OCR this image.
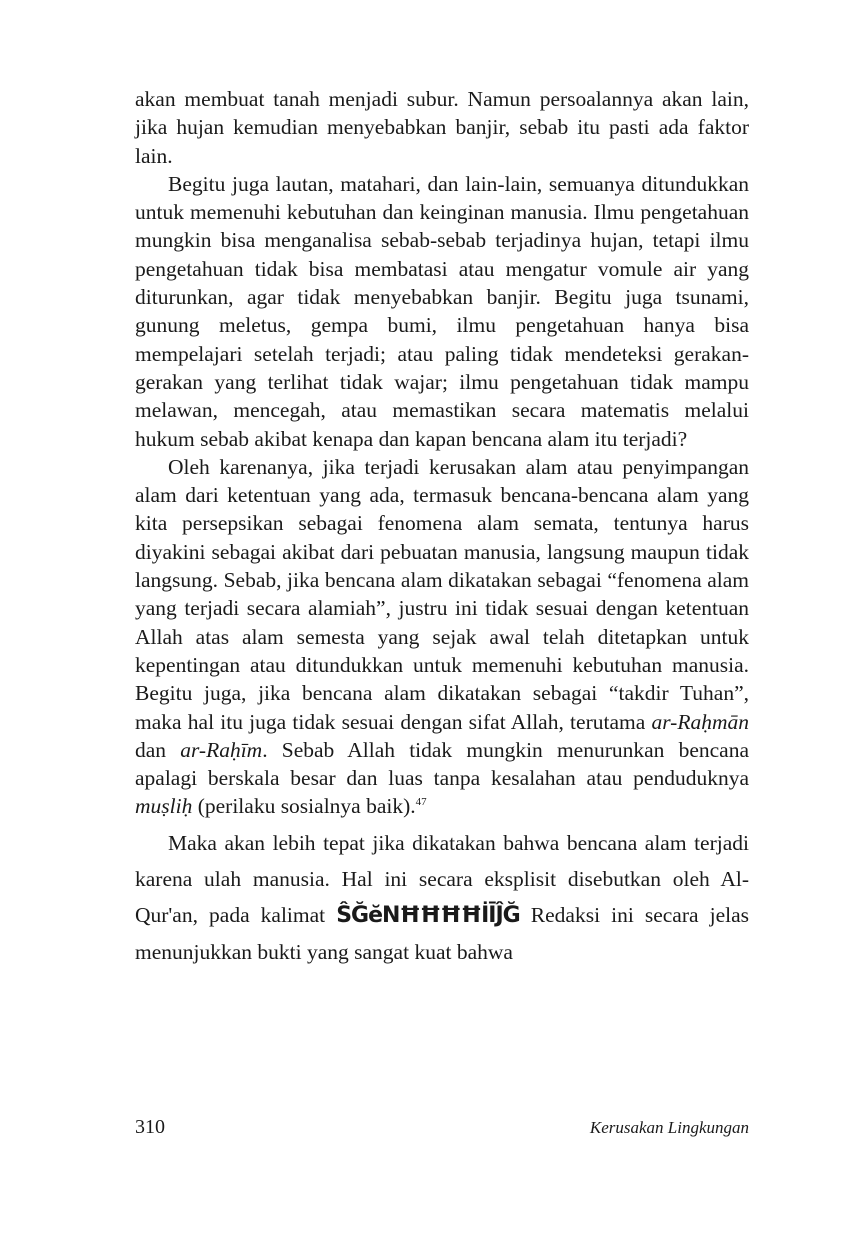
akan membuat tanah menjadi subur. Namun persoalannya akan lain, jika hujan kemudian menyebabkan banjir, sebab itu pasti ada faktor lain.

Begitu juga lautan, matahari, dan lain-lain, semuanya ditundukkan untuk memenuhi kebutuhan dan keinginan manusia. Ilmu pengetahuan mungkin bisa menganalisa sebab-sebab terjadinya hujan, tetapi ilmu pengetahuan tidak bisa membatasi atau mengatur vomule air yang diturunkan, agar tidak menyebabkan banjir. Begitu juga tsunami, gunung meletus, gempa bumi, ilmu pengetahuan hanya bisa mempelajari setelah terjadi; atau paling tidak mendeteksi gerakan-gerakan yang terlihat tidak wajar; ilmu pengetahuan tidak mampu melawan, mencegah, atau memastikan secara matematis melalui hukum sebab akibat kenapa dan kapan bencana alam itu terjadi?

Oleh karenanya, jika terjadi kerusakan alam atau penyimpangan alam dari ketentuan yang ada, termasuk bencana-bencana alam yang kita persepsikan sebagai fenomena alam semata, tentunya harus diyakini sebagai akibat dari pebuatan manusia, langsung maupun tidak langsung. Sebab, jika bencana alam dikatakan sebagai “fenomena alam yang terjadi secara alamiah”, justru ini tidak sesuai dengan ketentuan Allah atas alam semesta yang sejak awal telah ditetapkan untuk kepentingan atau ditundukkan untuk memenuhi kebutuhan manusia. Begitu juga, jika bencana alam dikatakan sebagai “takdir Tuhan”, maka hal itu juga tidak sesuai dengan sifat Allah, terutama ar-Raḥmān dan ar-Raḥīm. Sebab Allah tidak mungkin menurunkan bencana apalagi berskala besar dan luas tanpa kesalahan atau penduduknya muṣliḥ (perilaku sosialnya baik).$^{47}$

Maka akan lebih tepat jika dikatakan bahwa bencana alam terjadi karena ulah manusia. Hal ini secara eksplisit disebutkan oleh Al-Qur'an, pada kalimat ŜĞĕNĦĦĦĦİĪĴĞ Redaksi ini secara jelas menunjukkan bukti yang sangat kuat bahwa

310	Kerusakan Lingkungan
